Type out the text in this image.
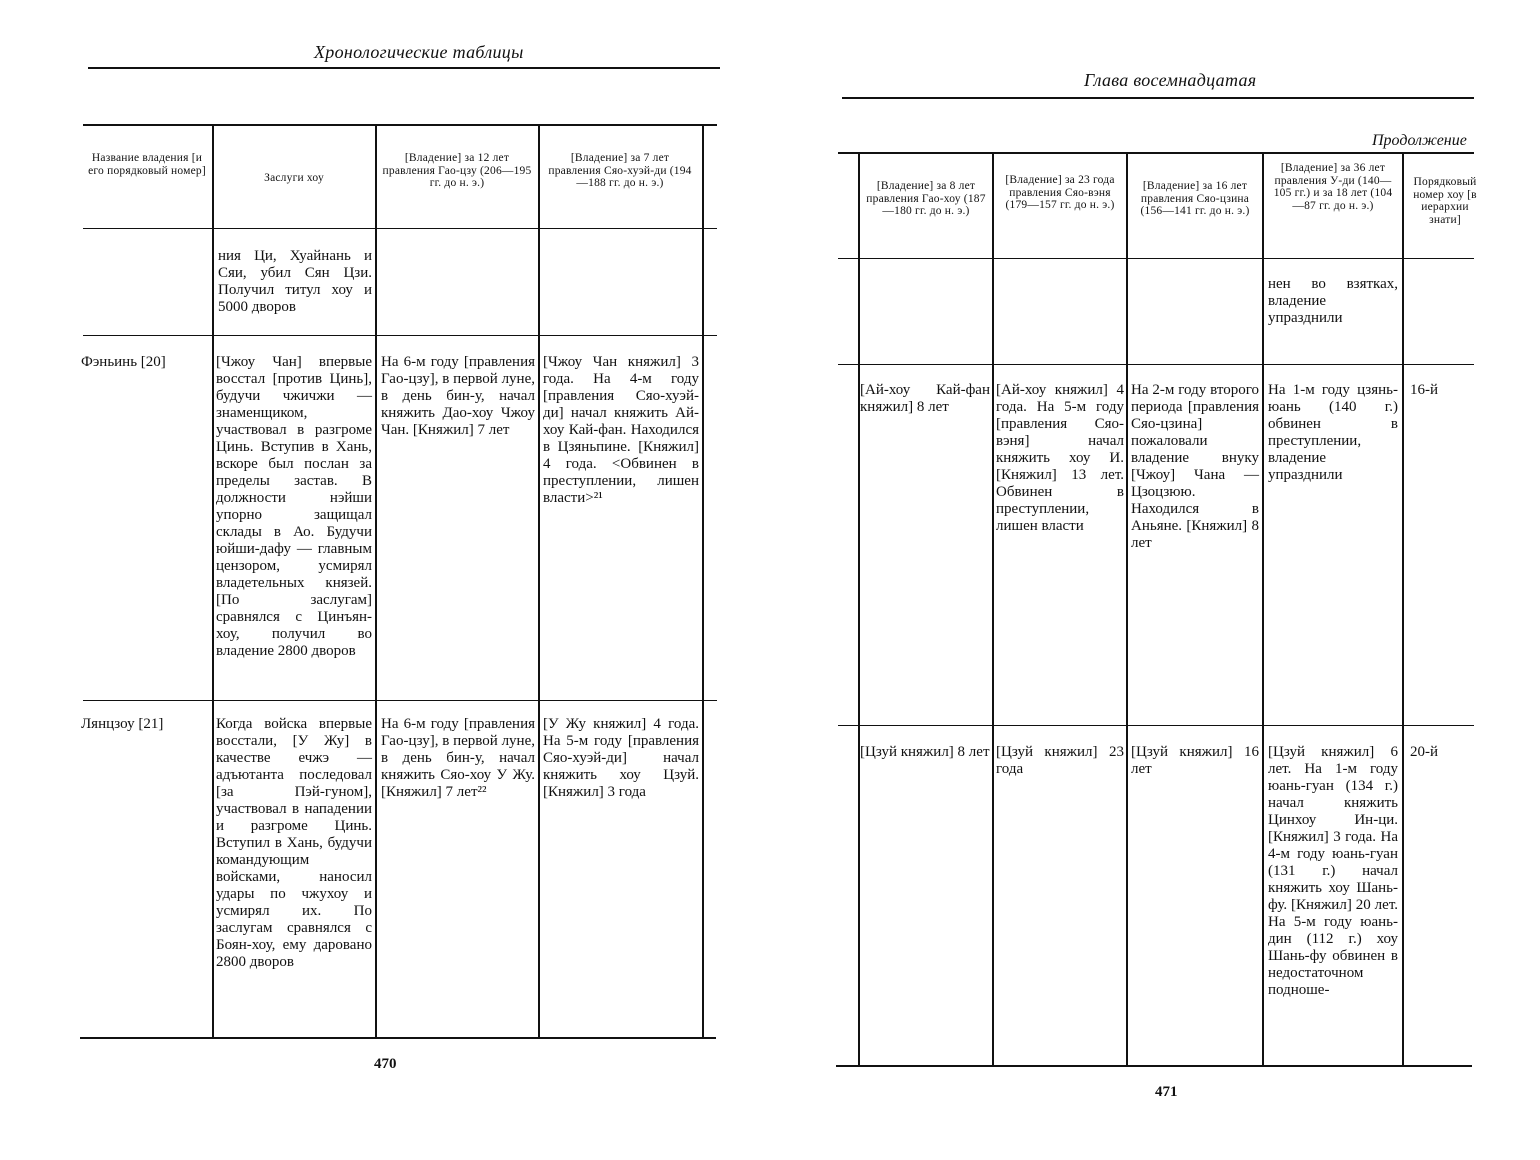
Хронологические таблицы
Название владения [и его порядковый номер]
Заслуги хоу
[Владение] за 12 лет правления Гао-цзу (206—195 гг. до н. э.)
[Владение] за 7 лет правления Сяо-хуэй-ди (194—188 гг. до н. э.)
ния Ци, Хуайнань и Сяи, убил Сян Цзи. Получил титул хоу и 5000 дворов
Фэньинь [20]	[Чжоу Чан] впервые восстал [против Цинь], будучи чжичжи — знаменщиком, участвовал в разгроме Цинь. Вступив в Хань, вскоре был послан за пределы застав. В должности нэйши упорно защищал склады в Ао. Будучи юйши-дафу — главным цензором, усмирял владетельных князей. [По заслугам] сравнялся с Цинъян-хоу, получил во владение 2800 дворов
На 6-м году [правления Гао-цзу], в первой луне, в день бин-у, начал княжить Дао-хоу Чжоу Чан. [Княжил] 7 лет
[Чжоу Чан княжил] 3 года. На 4-м году [правления Сяо-хуэй-ди] начал княжить Ай-хоу Кай-фан. Находился в Цзяньпине. [Княжил] 4 года. <Обвинен в преступлении, лишен власти>²¹
Лянцзоу [21]	Когда войска впервые восстали, [У Жу] в качестве ечжэ — адъютанта последовал [за Пэй-гуном], участвовал в нападении и разгроме Цинь. Вступил в Хань, будучи командующим войсками, наносил удары по чжухоу и усмирял их. По заслугам сравнялся с Боян-хоу, ему даровано 2800 дворов
На 6-м году [правления Гао-цзу], в первой луне, в день бин-у, начал княжить Сяо-хоу У Жу. [Княжил] 7 лет²²
[У Жу княжил] 4 года. На 5-м году [правления Сяо-хуэй-ди] начал княжить хоу Цзуй. [Княжил] 3 года
470
Глава восемнадцатая
Продолжение
[Владение] за 8 лет правления Гао-хоу (187—180 гг. до н. э.)
[Владение] за 23 года правления Сяо-вэня (179—157 гг. до н. э.)
[Владение] за 16 лет правления Сяо-цзина (156—141 гг. до н. э.)
[Владение] за 36 лет правления У-ди (140—105 гг.) и за 18 лет (104—87 гг. до н. э.)
Порядковый номер хоу [в иерархии знати]
нен во взятках, владение упразднили
[Ай-хоу Кай-фан княжил] 8 лет
[Ай-хоу княжил] 4 года. На 5-м году [правления Сяо-вэня] начал княжить хоу И. [Княжил] 13 лет. Обвинен в преступлении, лишен власти
На 2-м году второго периода [правления Сяо-цзина] пожаловали владение внуку [Чжоу] Чана — Цзоцзюю. Находился в Аньяне. [Княжил] 8 лет
На 1-м году цзянь-юань (140 г.) обвинен в преступлении, владение упразднили
16-й
[Цзуй княжил] 8 лет [Цзуй княжил] 23 года
[Цзуй княжил] 16 лет
[Цзуй княжил] 6 лет. На 1-м году юань-гуан (134 г.) начал княжить Цинхоу Ин-ци. [Княжил] 3 года. На 4-м году юань-гуан (131 г.) начал княжить хоу Шань-фу. [Княжил] 20 лет. На 5-м году юань-дин (112 г.) хоу Шань-фу обвинен в недостаточном подноше-
20-й
471
